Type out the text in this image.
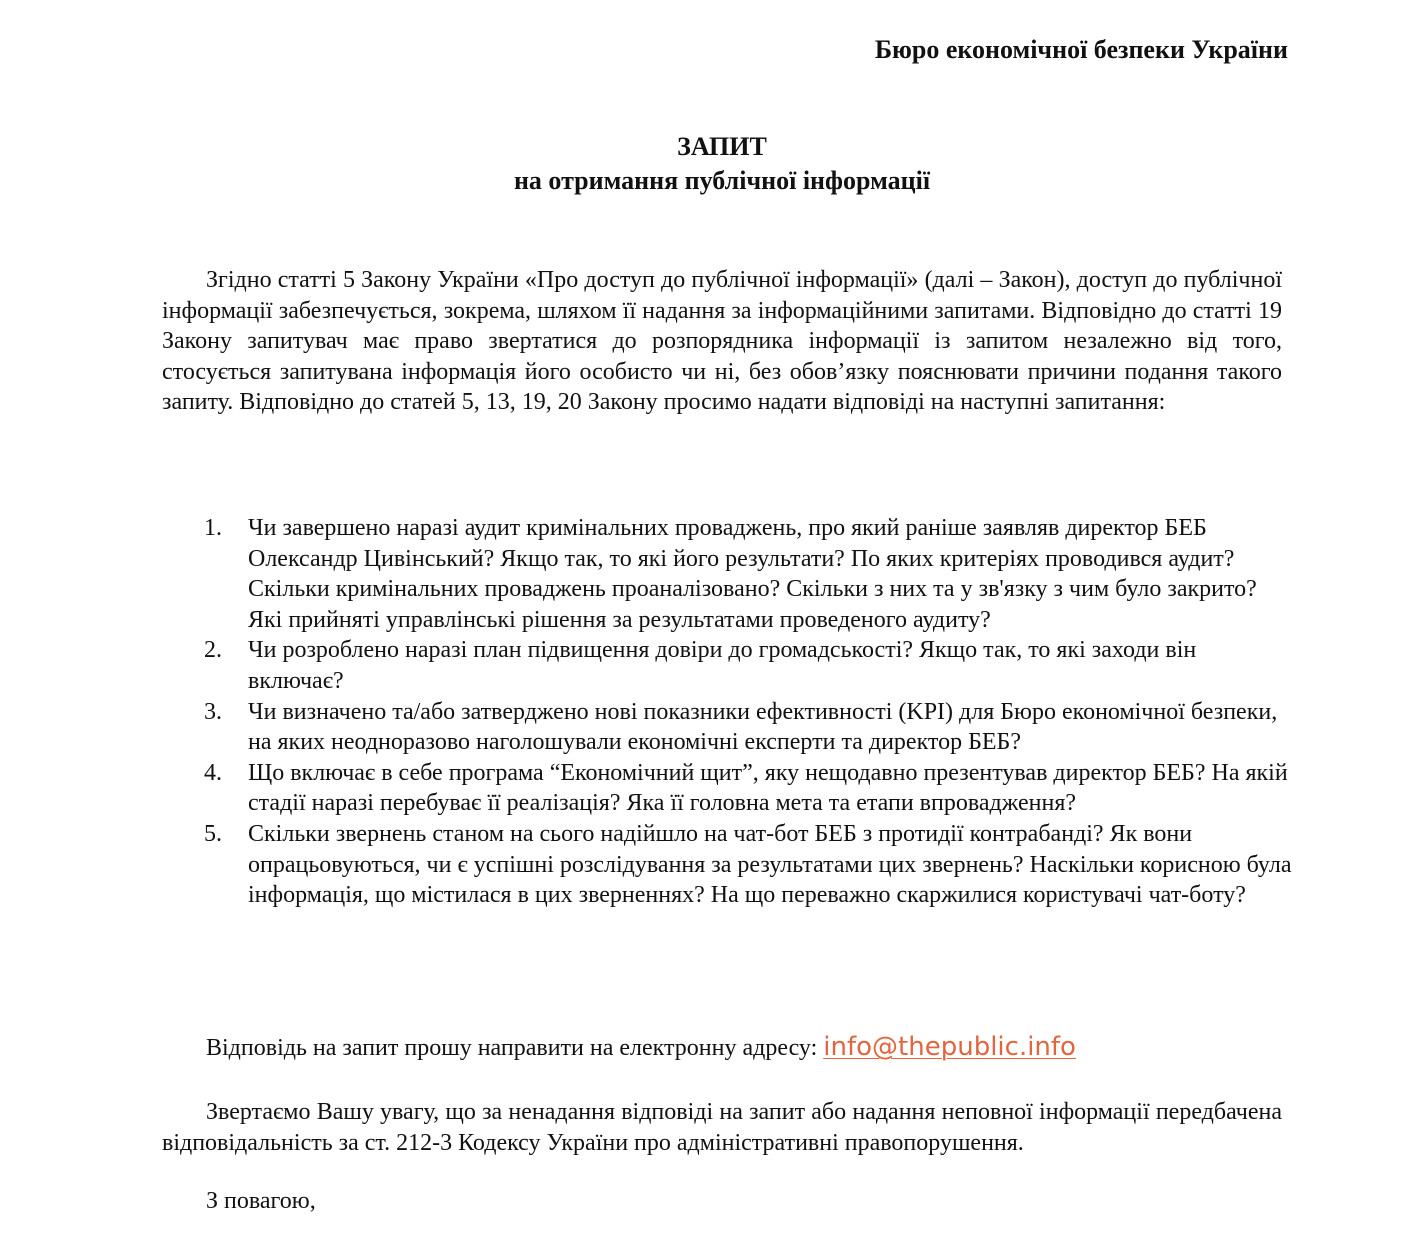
Бюро економічної безпеки України
ЗАПИТ
на отримання публічної інформації

Згідно статті 5 Закону України «Про доступ до публічної інформації» (далі – Закон), доступ до публічної інформації забезпечується, зокрема, шляхом її надання за інформаційними запитами. Відповідно до статті 19 Закону запитувач має право звертатися до розпорядника інформації із запитом незалежно від того, стосується запитувана інформація його особисто чи ні, без обов’язку пояснювати причини подання такого запиту. Відповідно до статей 5, 13, 19, 20 Закону просимо надати відповіді на наступні запитання:

1. Чи завершено наразі аудит кримінальних проваджень, про який раніше заявляв директор БЕБ Олександр Цивінський? Якщо так, то які його результати? По яких критеріях проводився аудит? Скільки кримінальних проваджень проаналізовано? Скільки з них та у зв'язку з чим було закрито? Які прийняті управлінські рішення за результатами проведеного аудиту?
2. Чи розроблено наразі план підвищення довіри до громадськості? Якщо так, то які заходи він включає?
3. Чи визначено та/або затверджено нові показники ефективності (KPI) для Бюро економічної безпеки, на яких неодноразово наголошували економічні експерти та директор БЕБ?
4. Що включає в себе програма “Економічний щит”, яку нещодавно презентував директор БЕБ? На якій стадії наразі перебуває її реалізація? Яка її головна мета та етапи впровадження?
5. Скільки звернень станом на сього надійшло на чат-бот БЕБ з протидії контрабанді? Як вони опрацьовуються, чи є успішні розслідування за результатами цих звернень? Наскільки корисною була інформація, що містилася в цих зверненнях? На що переважно скаржилися користувачі чат-боту?
Відповідь на запит прошу направити на електронну адресу: info@thepublic.info

Звертаємо Вашу увагу, що за ненадання відповіді на запит або надання неповної інформації передбачена відповідальність за ст. 212-3 Кодексу України про адміністративні правопорушення.

З повагою,
